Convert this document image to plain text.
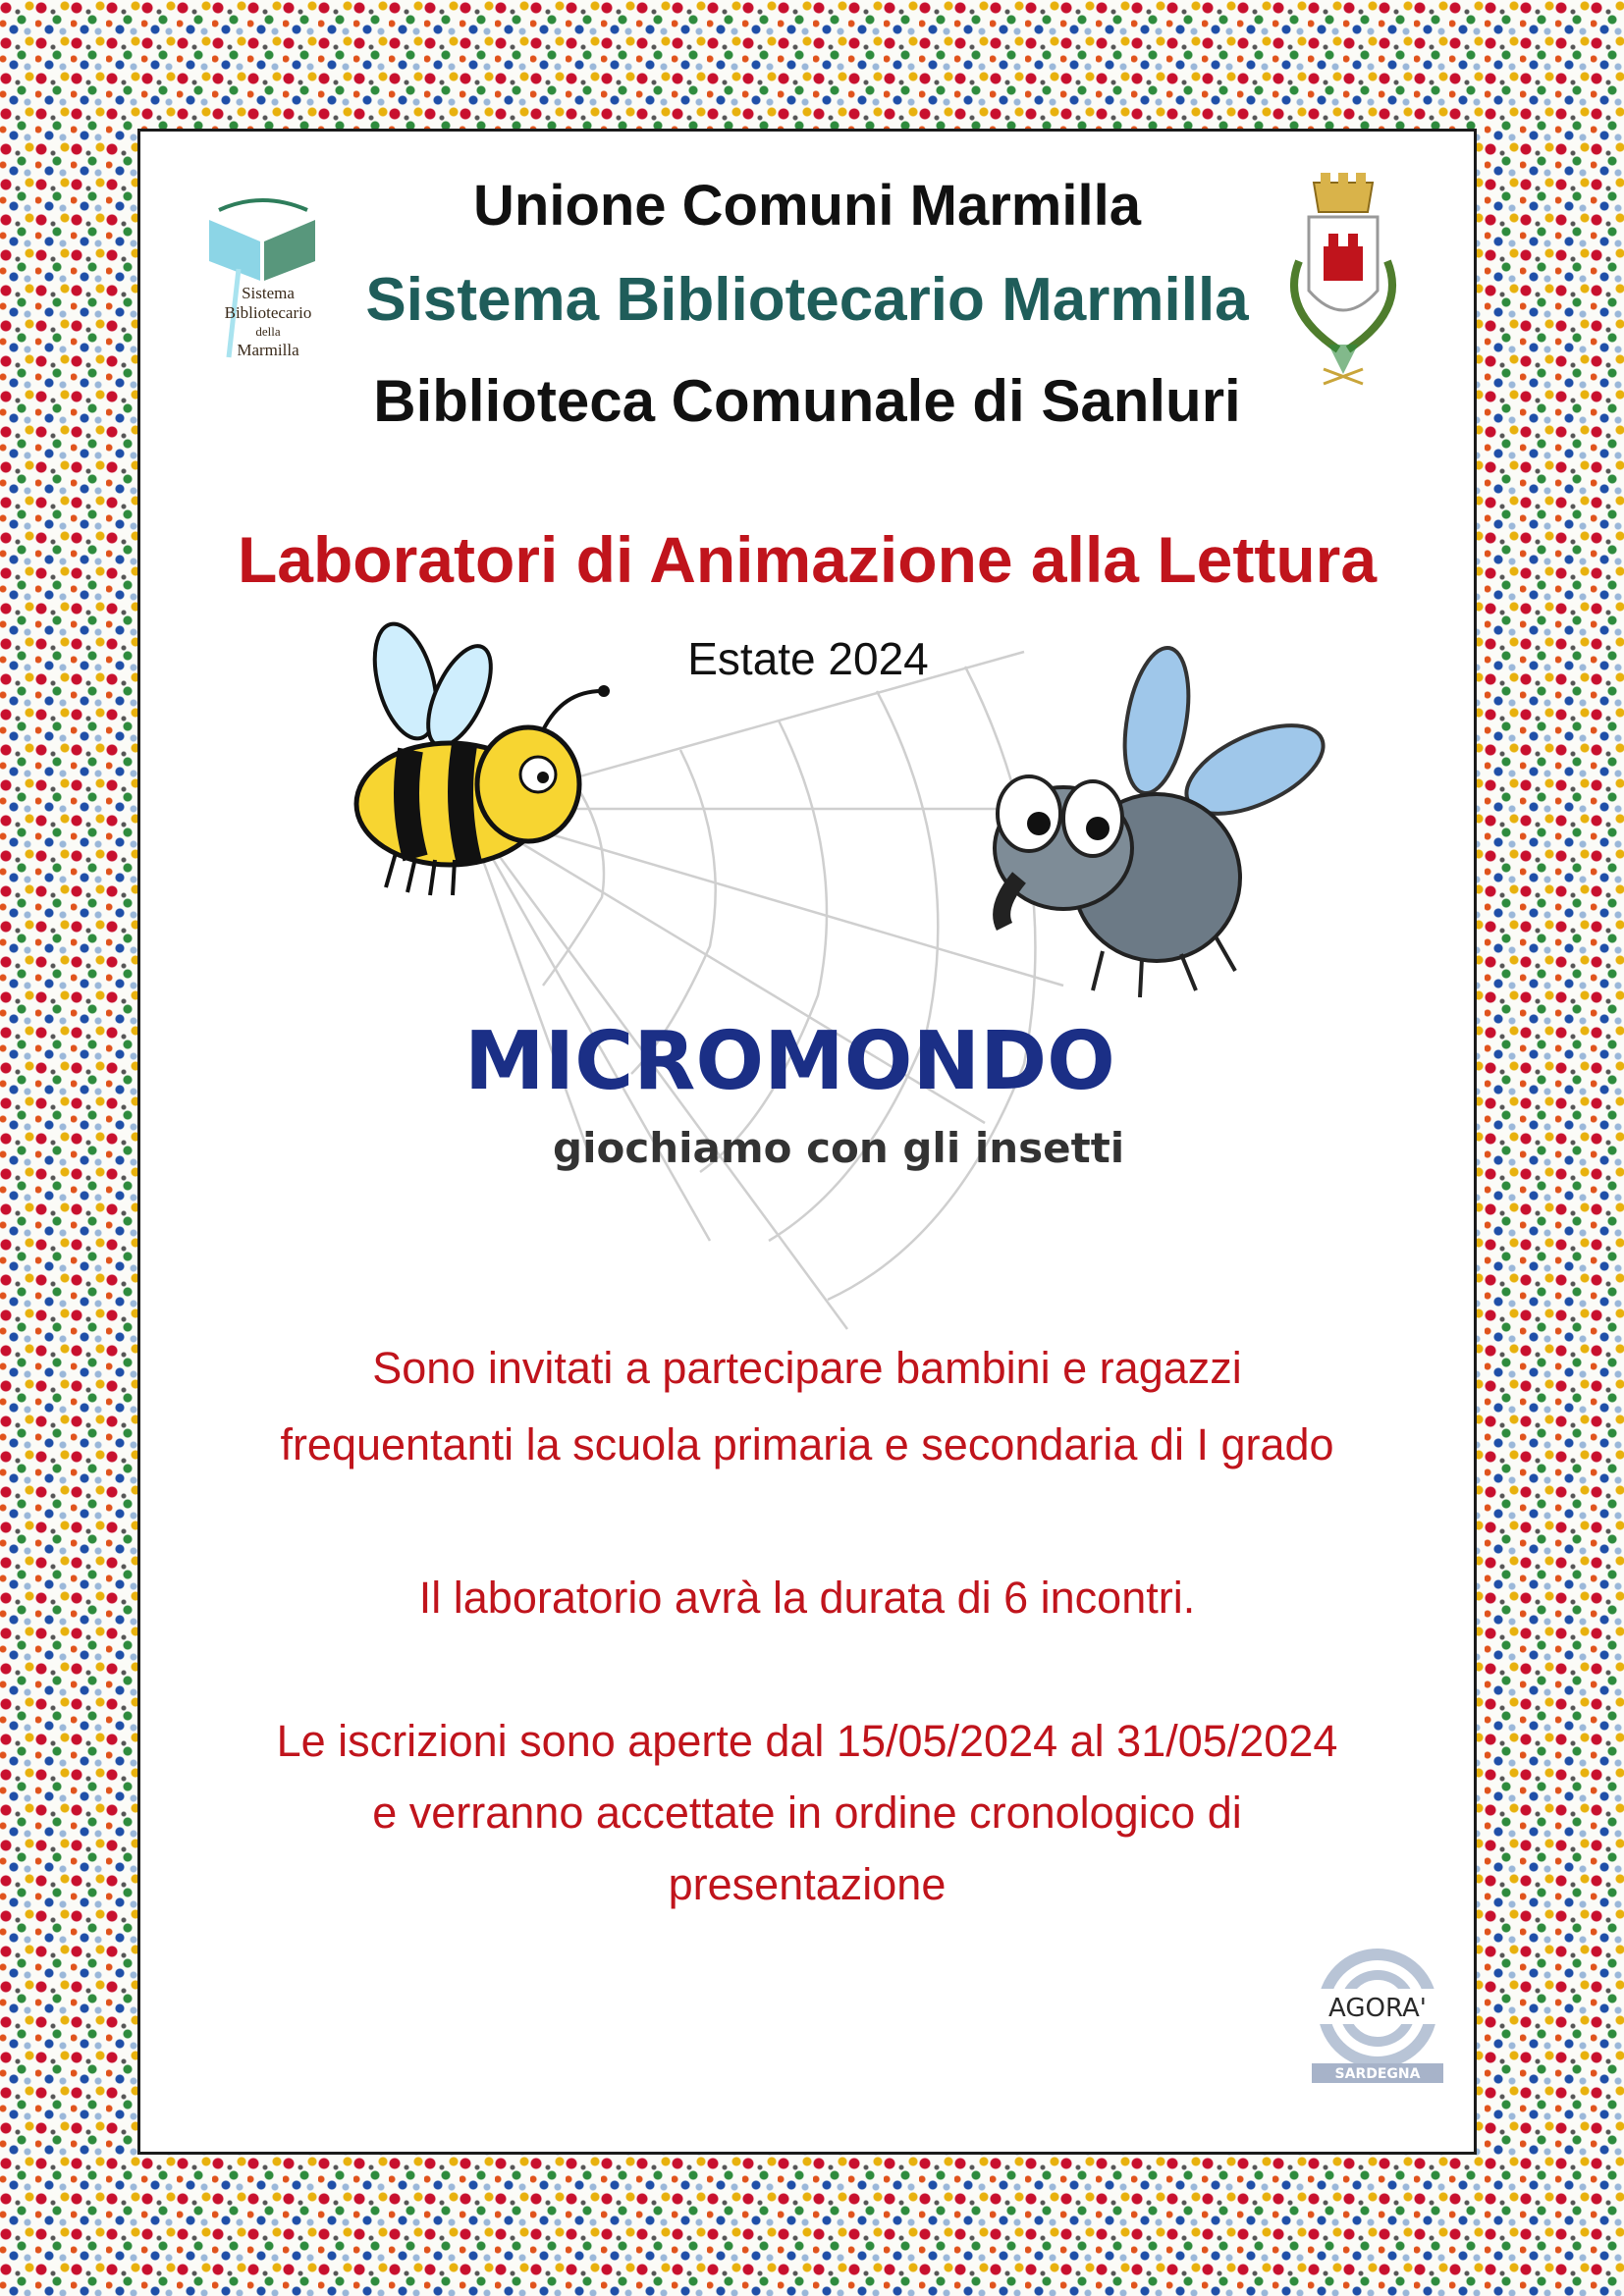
Sistema
Bibliotecario
della
Marmilla
Unione Comuni Marmilla
Sistema Bibliotecario Marmilla
Biblioteca Comunale di Sanluri
Laboratori di Animazione alla Lettura
Estate 2024
MICROMONDO
giochiamo con gli insetti
Sono invitati a partecipare bambini e ragazzi
frequentanti la scuola primaria e secondaria di I grado
Il laboratorio avrà la durata di 6 incontri.
Le iscrizioni sono aperte dal 15/05/2024 al 31/05/2024
e verranno accettate in ordine cronologico di
presentazione
AGORA'
SARDEGNA
